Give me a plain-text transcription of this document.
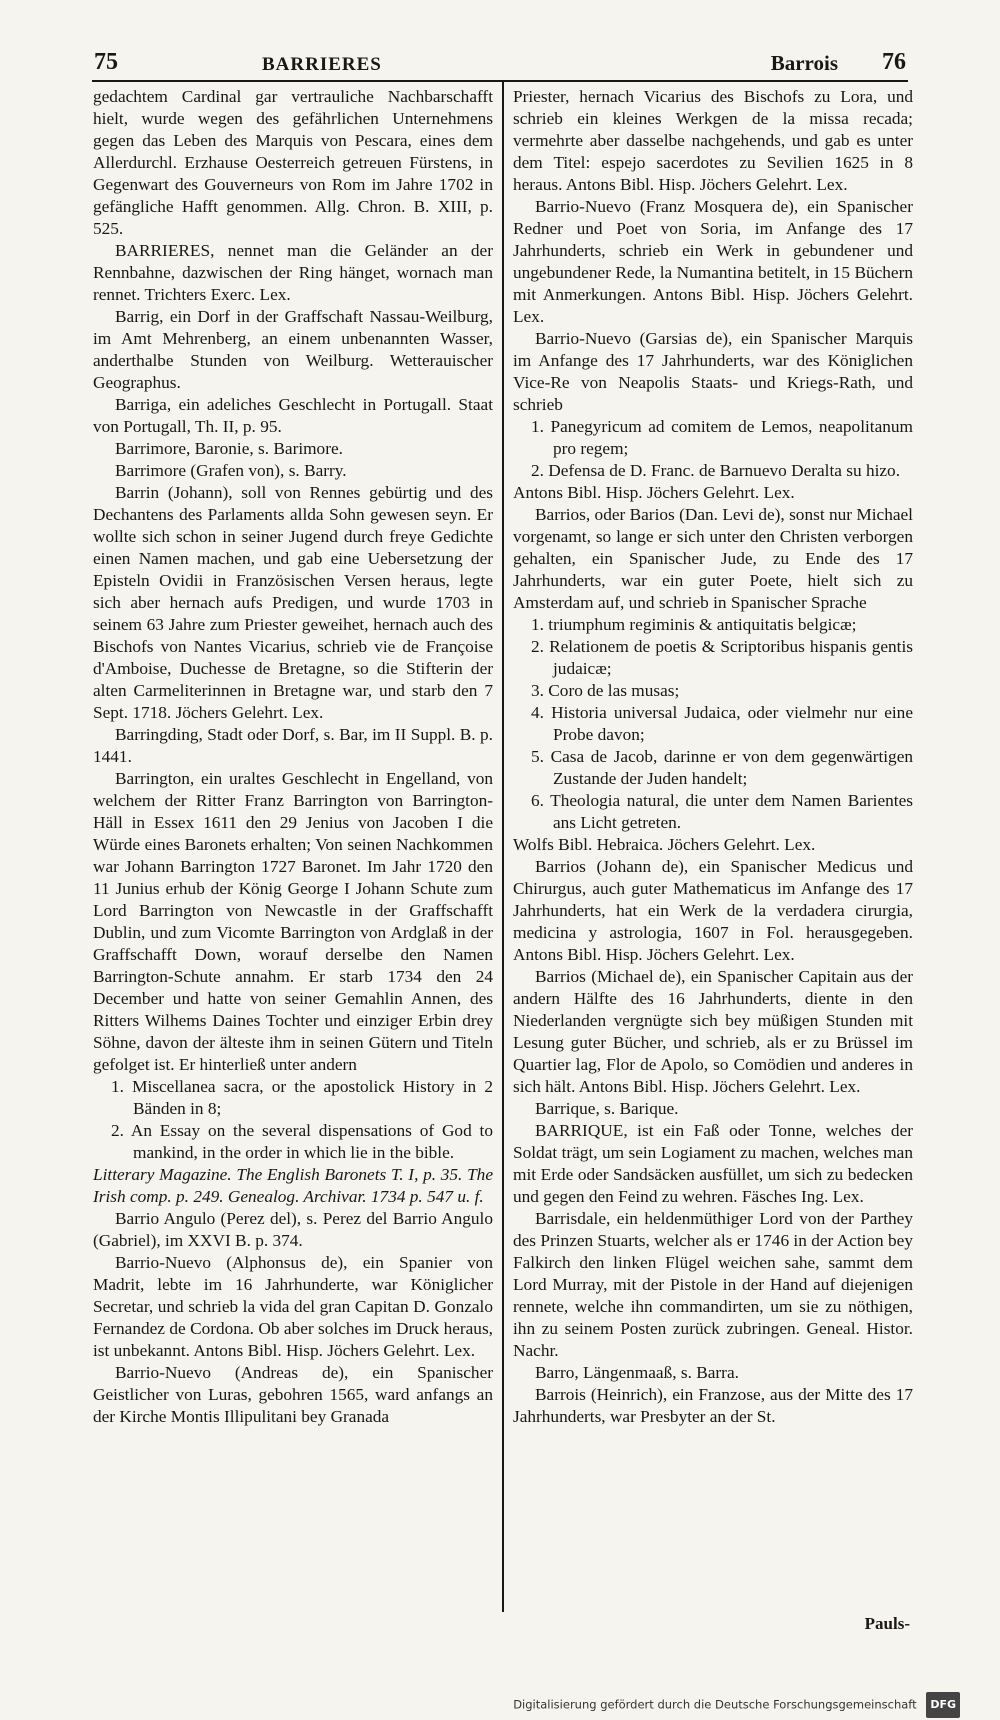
75	BARRIERES	Barrois 76

gedachtem Cardinal gar vertrauliche Nachbarschafft hielt, wurde wegen des gefährlichen Unternehmens gegen das Leben des Marquis von Pescara, eines dem Allerdurchl. Erzhause Oesterreich getreuen Fürstens, in Gegenwart des Gouverneurs von Rom im Jahre 1702 in gefängliche Hafft genommen. Allg. Chron. B. XIII, p. 525.

BARRIERES, nennet man die Geländer an der Rennbahne, dazwischen der Ring hänget, wornach man rennet. Trichters Exerc. Lex.

Barrig, ein Dorf in der Graffschaft Nassau-Weilburg, im Amt Mehrenberg, an einem unbenannten Wasser, anderthalbe Stunden von Weilburg. Wetterauischer Geographus.

Barriga, ein adeliches Geschlecht in Portugall. Staat von Portugall, Th. II, p. 95.

Barrimore, Baronie, s. Barimore.

Barrimore (Grafen von), s. Barry.

Barrin (Johann), soll von Rennes gebürtig und des Dechantens des Parlaments allda Sohn gewesen seyn. Er wollte sich schon in seiner Jugend durch freye Gedichte einen Namen machen, und gab eine Uebersetzung der Episteln Ovidii in Französischen Versen heraus, legte sich aber hernach aufs Predigen, und wurde 1703 in seinem 63 Jahre zum Priester geweihet, hernach auch des Bischofs von Nantes Vicarius, schrieb vie de Françoise d'Amboise, Duchesse de Bretagne, so die Stifterin der alten Carmeliterinnen in Bretagne war, und starb den 7 Sept. 1718. Jöchers Gelehrt. Lex.

Barringding, Stadt oder Dorf, s. Bar, im II Suppl. B. p. 1441.

Barrington, ein uraltes Geschlecht in Engelland, von welchem der Ritter Franz Barrington von Barrington-Häll in Essex 1611 den 29 Jenius von Jacoben I die Würde eines Baronets erhalten; Von seinen Nachkommen war Johann Barrington 1727 Baronet. Im Jahr 1720 den 11 Junius erhub der König George I Johann Schute zum Lord Barrington von Newcastle in der Graffschafft Dublin, und zum Vicomte Barrington von Ardglaß in der Graffschafft Down, worauf derselbe den Namen Barrington-Schute annahm. Er starb 1734 den 24 December und hatte von seiner Gemahlin Annen, des Ritters Wilhems Daines Tochter und einziger Erbin drey Söhne, davon der älteste ihm in seinen Gütern und Titeln gefolget ist. Er hinterließ unter andern

1. Miscellanea sacra, or the apostolick History in 2 Bänden in 8;

2. An Essay on the several dispensations of God to mankind, in the order in which lie in the bible.

Litterary Magazine. The English Baronets T. I, p. 35. The Irish comp. p. 249. Genealog. Archivar. 1734 p. 547 u. f.

Barrio Angulo (Perez del), s. Perez del Barrio Angulo (Gabriel), im XXVI B. p. 374.

Barrio-Nuevo (Alphonsus de), ein Spanier von Madrit, lebte im 16 Jahrhunderte, war Königlicher Secretar, und schrieb la vida del gran Capitan D. Gonzalo Fernandez de Cordona. Ob aber solches im Druck heraus, ist unbekannt. Antons Bibl. Hisp. Jöchers Gelehrt. Lex.

Barrio-Nuevo (Andreas de), ein Spanischer Geistlicher von Luras, gebohren 1565, ward anfangs an der Kirche Montis Illipulitani bey Granada

Priester, hernach Vicarius des Bischofs zu Lora, und schrieb ein kleines Werkgen de la missa recada; vermehrte aber dasselbe nachgehends, und gab es unter dem Titel: espejo sacerdotes zu Sevilien 1625 in 8 heraus. Antons Bibl. Hisp. Jöchers Gelehrt. Lex.

Barrio-Nuevo (Franz Mosquera de), ein Spanischer Redner und Poet von Soria, im Anfange des 17 Jahrhunderts, schrieb ein Werk in gebundener und ungebundener Rede, la Numantina betitelt, in 15 Büchern mit Anmerkungen. Antons Bibl. Hisp. Jöchers Gelehrt. Lex.

Barrio-Nuevo (Garsias de), ein Spanischer Marquis im Anfange des 17 Jahrhunderts, war des Königlichen Vice-Re von Neapolis Staats- und Kriegs-Rath, und schrieb

1. Panegyricum ad comitem de Lemos, neapolitanum pro regem;

2. Defensa de D. Franc. de Barnuevo Deralta su hizo.

Antons Bibl. Hisp. Jöchers Gelehrt. Lex.

Barrios, oder Barios (Dan. Levi de), sonst nur Michael vorgenamt, so lange er sich unter den Christen verborgen gehalten, ein Spanischer Jude, zu Ende des 17 Jahrhunderts, war ein guter Poete, hielt sich zu Amsterdam auf, und schrieb in Spanischer Sprache

1. triumphum regiminis & antiquitatis belgicæ;

2. Relationem de poetis & Scriptoribus hispanis gentis judaicæ;

3. Coro de las musas;

4. Historia universal Judaica, oder vielmehr nur eine Probe davon;

5. Casa de Jacob, darinne er von dem gegenwärtigen Zustande der Juden handelt;

6. Theologia natural, die unter dem Namen Barientes ans Licht getreten.

Wolfs Bibl. Hebraica. Jöchers Gelehrt. Lex.

Barrios (Johann de), ein Spanischer Medicus und Chirurgus, auch guter Mathematicus im Anfange des 17 Jahrhunderts, hat ein Werk de la verdadera cirurgia, medicina y astrologia, 1607 in Fol. herausgegeben. Antons Bibl. Hisp. Jöchers Gelehrt. Lex.

Barrios (Michael de), ein Spanischer Capitain aus der andern Hälfte des 16 Jahrhunderts, diente in den Niederlanden vergnügte sich bey müßigen Stunden mit Lesung guter Bücher, und schrieb, als er zu Brüssel im Quartier lag, Flor de Apolo, so Comödien und anderes in sich hält. Antons Bibl. Hisp. Jöchers Gelehrt. Lex.

Barrique, s. Barique.

BARRIQUE, ist ein Faß oder Tonne, welches der Soldat trägt, um sein Logiament zu machen, welches man mit Erde oder Sandsäcken ausfüllet, um sich zu bedecken und gegen den Feind zu wehren. Fäsches Ing. Lex.

Barrisdale, ein heldenmüthiger Lord von der Parthey des Prinzen Stuarts, welcher als er 1746 in der Action bey Falkirch den linken Flügel weichen sahe, sammt dem Lord Murray, mit der Pistole in der Hand auf diejenigen rennete, welche ihn commandirten, um sie zu nöthigen, ihn zu seinem Posten zurück zubringen. Geneal. Histor. Nachr.

Barro, Längenmaaß, s. Barra.

Barrois (Heinrich), ein Franzose, aus der Mitte des 17 Jahrhunderts, war Presbyter an der St.

Pauls-
Digitalisierung gefördert durch die Deutsche Forschungsgemeinschaft DFG
